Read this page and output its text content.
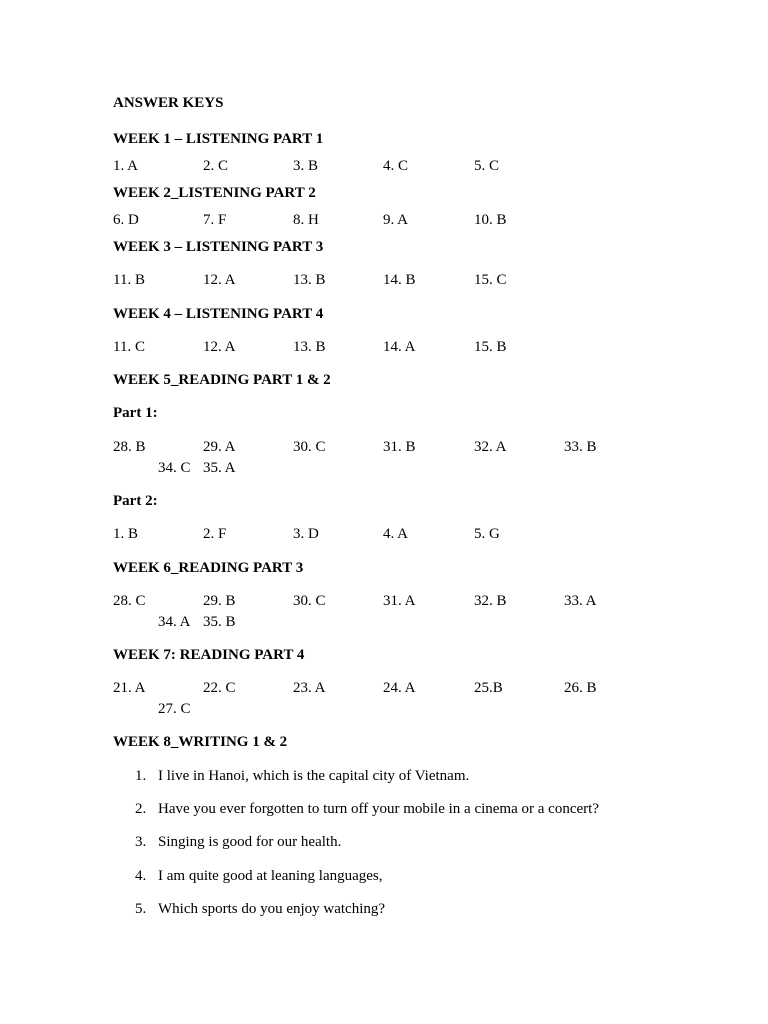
ANSWER KEYS
WEEK 1 – LISTENING PART 1
1. A	2. C	3. B	4. C	5. C
WEEK 2_LISTENING PART 2
6. D	7. F	8. H	9. A	10. B
WEEK 3 – LISTENING PART 3
11. B	12. A	13. B	14. B	15. C
WEEK 4 – LISTENING PART 4
11. C	12. A	13. B	14. A	15. B
WEEK 5_READING PART 1 & 2
Part 1:
28. B	29. A	30. C	31. B	32. A	33. B
34. C 35. A
Part 2:
1. B	2. F	3. D	4. A	5. G
WEEK 6_READING PART 3
28. C	29. B	30. C	31. A	32. B	33. A
34. A 35. B
WEEK 7: READING PART 4
21. A	22. C	23. A	24. A	25.B	26. B
27. C
WEEK 8_WRITING 1 & 2
1. I live in Hanoi, which is the capital city of Vietnam.
2. Have you ever forgotten to turn off your mobile in a cinema or a concert?
3. Singing is good for our health.
4. I am quite good at leaning languages,
5. Which sports do you enjoy watching?
